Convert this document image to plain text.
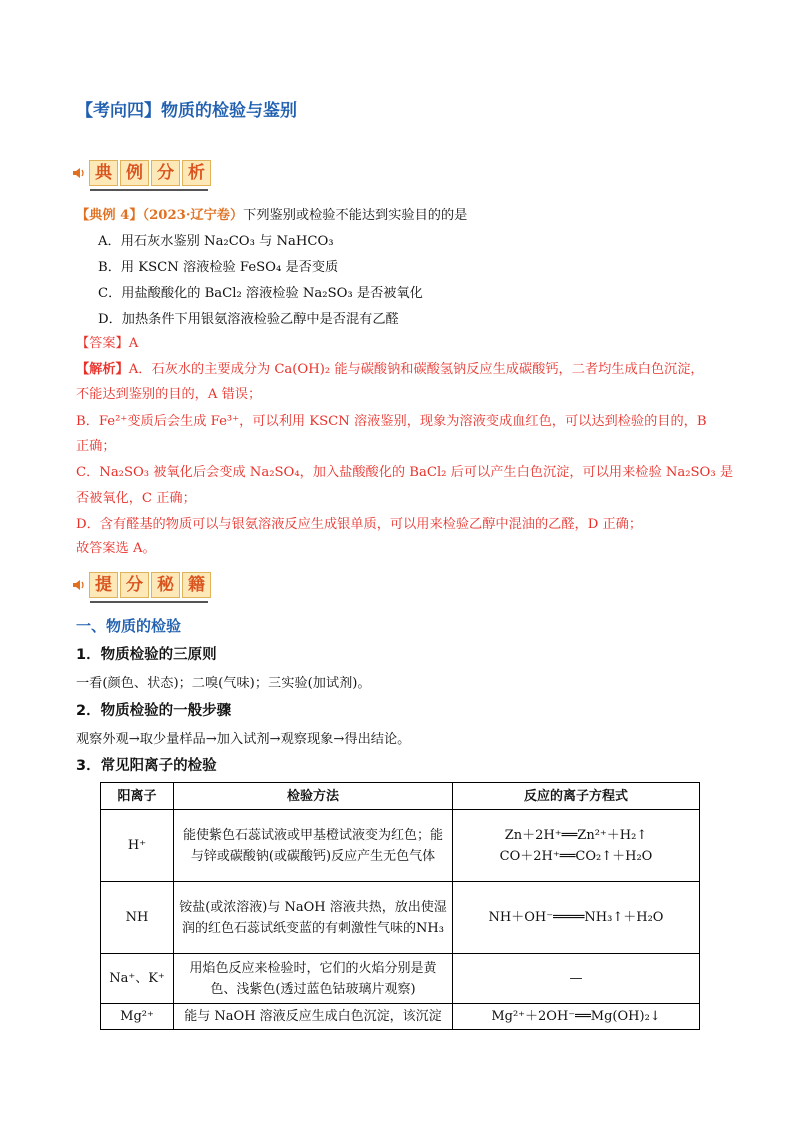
【考向四】物质的检验与鉴别
典 例 分 析
【典例 4】（2023·辽宁卷）下列鉴别或检验不能达到实验目的的是
A．用石灰水鉴别 Na₂CO₃ 与 NaHCO₃
B．用 KSCN 溶液检验 FeSO₄ 是否变质
C．用盐酸酸化的 BaCl₂ 溶液检验 Na₂SO₃ 是否被氧化
D．加热条件下用银氨溶液检验乙醇中是否混有乙醛
【答案】A
【解析】A．石灰水的主要成分为 Ca(OH)₂ 能与碳酸钠和碳酸氢钠反应生成碳酸钙，二者均生成白色沉淀，
不能达到鉴别的目的，A 错误；
B．Fe²⁺变质后会生成 Fe³⁺，可以利用 KSCN 溶液鉴别，现象为溶液变成血红色，可以达到检验的目的，B
正确；
C．Na₂SO₃ 被氧化后会变成 Na₂SO₄，加入盐酸酸化的 BaCl₂ 后可以产生白色沉淀，可以用来检验 Na₂SO₃ 是
否被氧化，C 正确；
D．含有醛基的物质可以与银氨溶液反应生成银单质，可以用来检验乙醇中混油的乙醛，D 正确；
故答案选 A。
提 分 秘 籍
一、物质的检验
1．物质检验的三原则
一看(颜色、状态)；二嗅(气味)；三实验(加试剂)。
2．物质检验的一般步骤
观察外观→取少量样品→加入试剂→观察现象→得出结论。
3．常见阳离子的检验
阳离子	检验方法	反应的离子方程式
H⁺	能使紫色石蕊试液或甲基橙试液变为红色；能与锌或碳酸钠(或碳酸钙)反应产生无色气体	Zn＋2H⁺══Zn²⁺＋H₂↑
CO＋2H⁺══CO₂↑＋H₂O

NH	铵盐(或浓溶液)与 NaOH 溶液共热，放出使湿润的红色石蕊试纸变蓝的有刺激性气味的NH₃	NH＋OH⁻════NH₃↑＋H₂O
Na⁺、K⁺	用焰色反应来检验时，它们的火焰分别是黄色、浅紫色(透过蓝色钴玻璃片观察)	—
Mg²⁺	能与 NaOH 溶液反应生成白色沉淀，该沉淀	Mg²⁺＋2OH⁻══Mg(OH)₂↓
